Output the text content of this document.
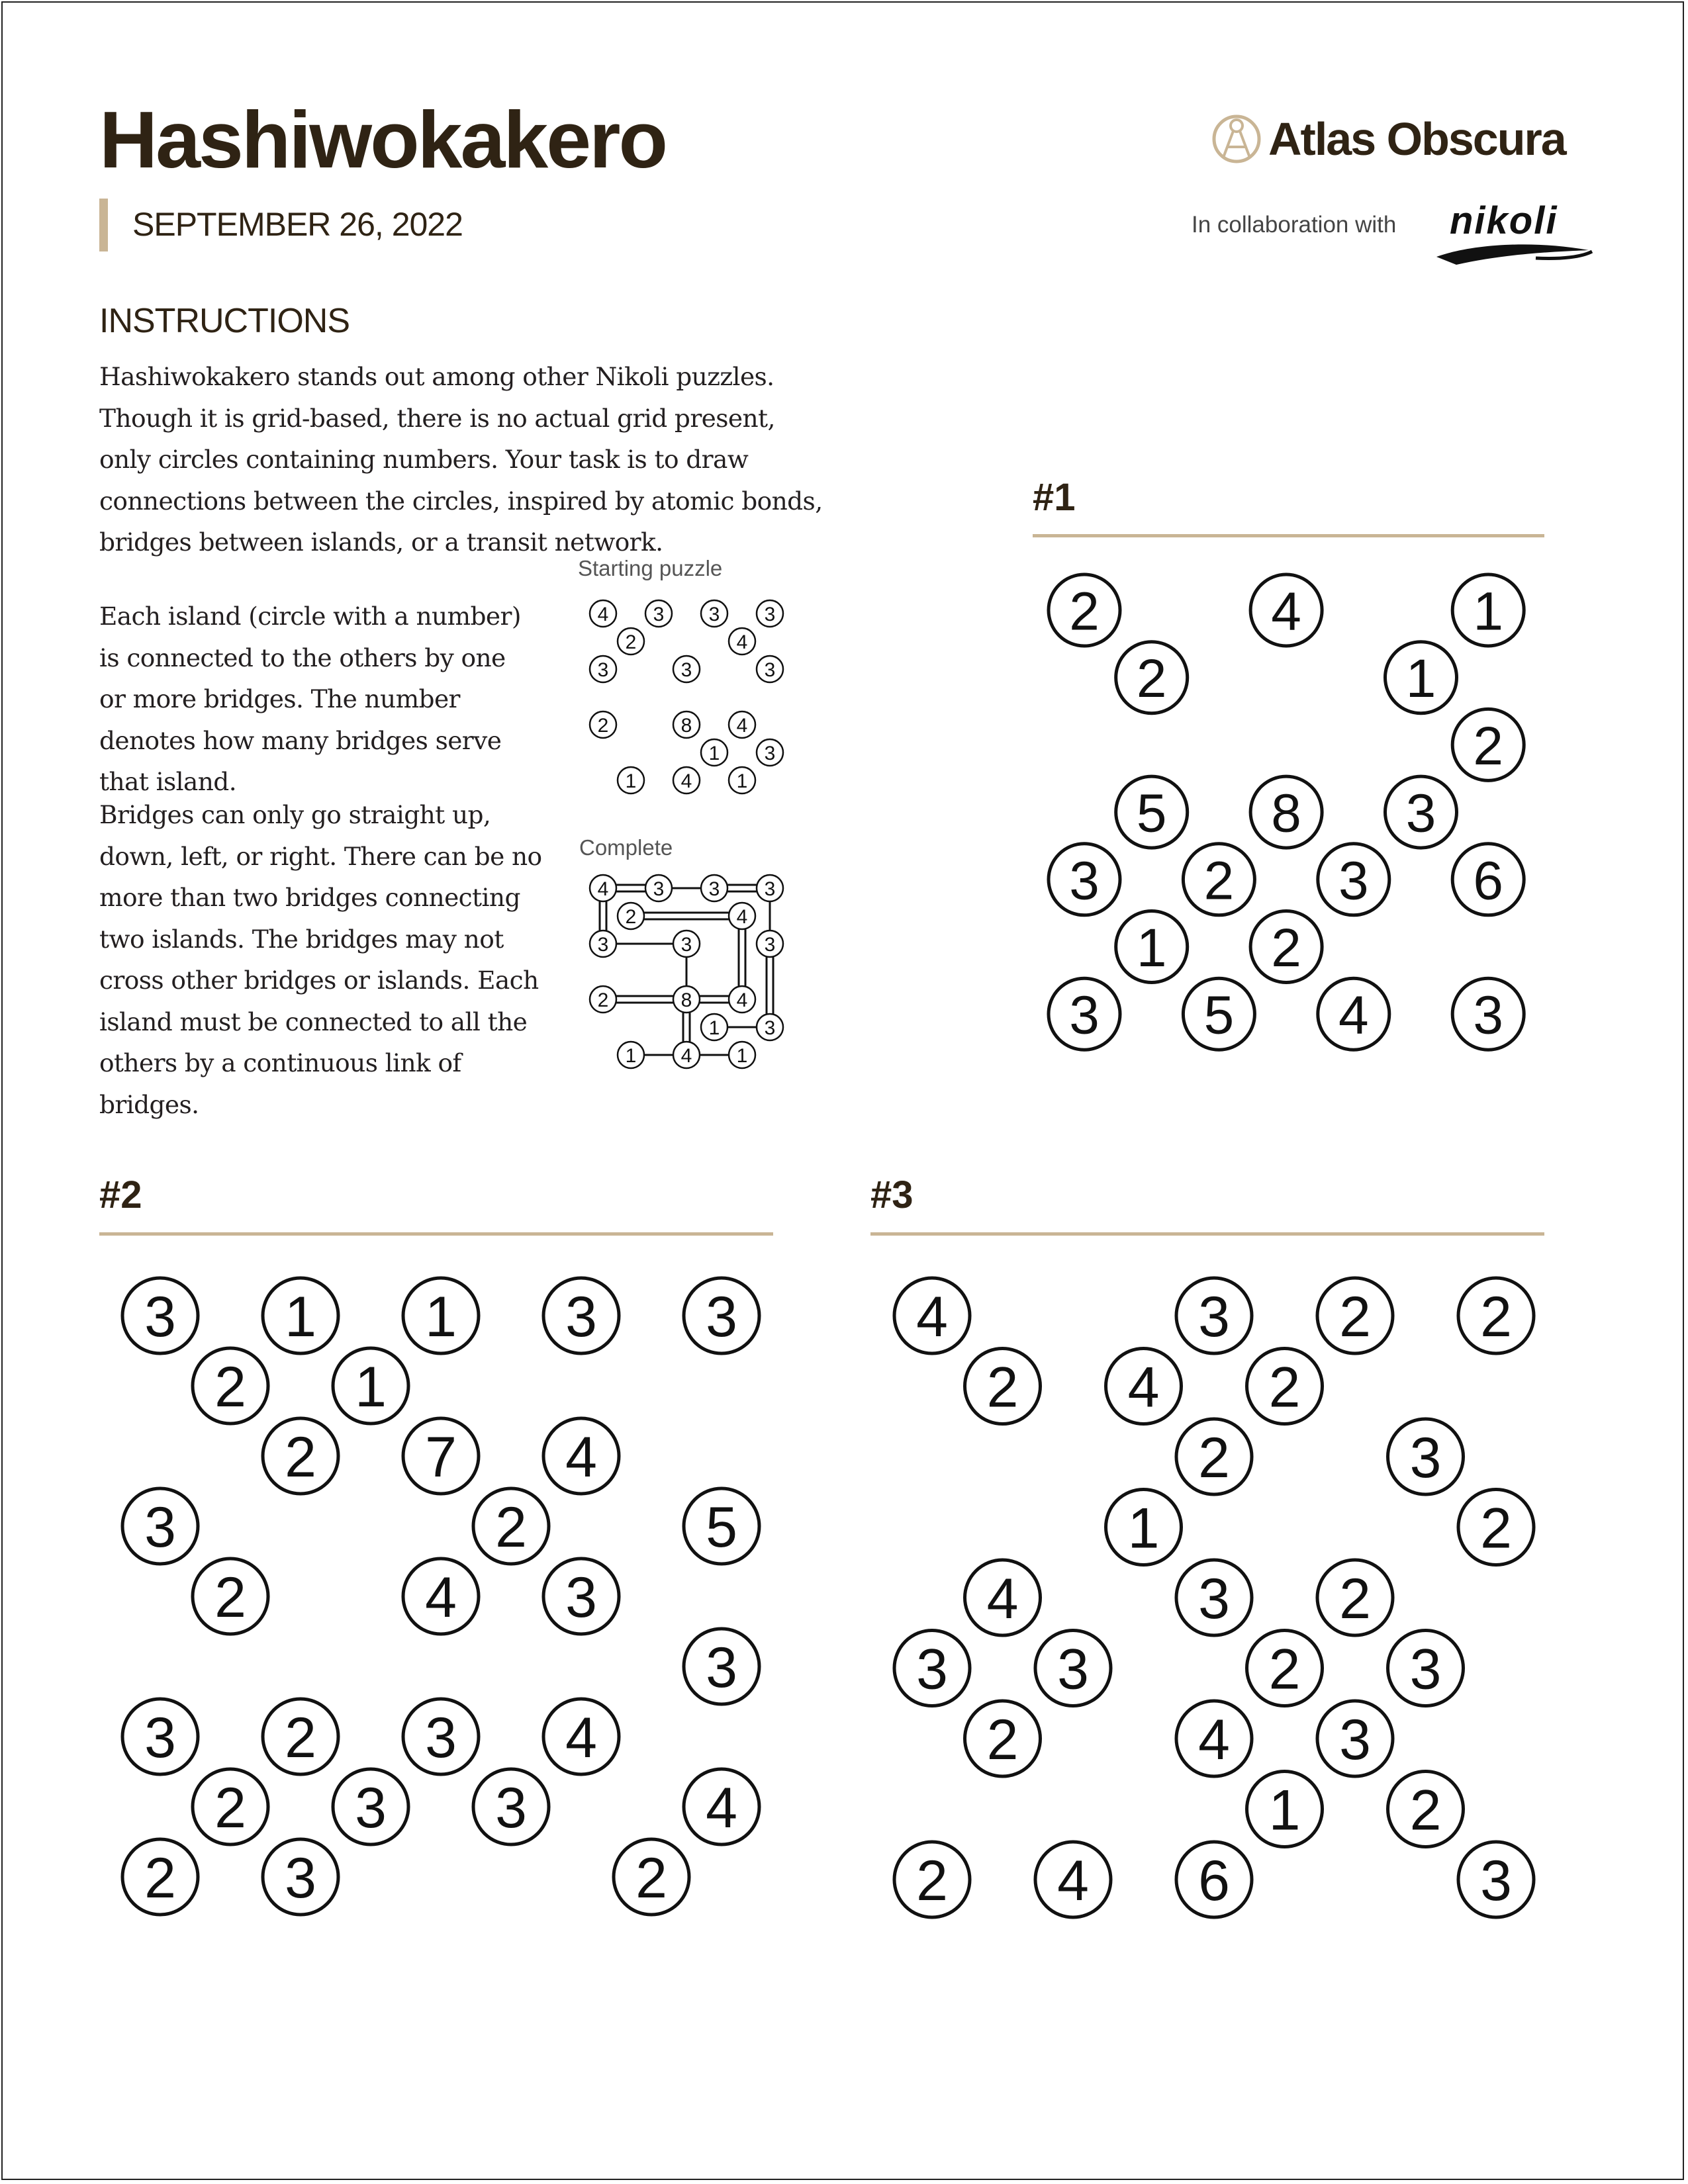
Hashiwokakero
SEPTEMBER 26, 2022
Atlas Obscura
In collaboration with nikoli
INSTRUCTIONS

Hashiwokakero stands out among other Nikoli puzzles. Though it is grid-based, there is no actual grid present, only circles containing numbers. Your task is to draw connections between the circles, inspired by atomic bonds, bridges between islands, or a transit network.

Each island (circle with a number) is connected to the others by one or more bridges. The number denotes how many bridges serve that island.

Bridges can only go straight up, down, left, or right. There can be no more than two bridges connecting two islands. The bridges may not cross other bridges or islands. Each island must be connected to all the others by a continuous link of bridges.

Starting puzzle
Complete
#1
#2	#3
4 3 3 3
2	4
3	3	3
2	8 4
1 3
1 4 1
4 3 3 3
2	4
3	3	3
2	8 4
1 3
1 4 1
2	4	1
2	1
2
5 8 3
3 2 3 6
1 2
3 5 4 3
3 1 1 3 3
2 1
2 7 4
3	2	5
2	4 3
3
3 2 3 4
2 3 3	4
2 3	2
4	3 2 2
2 4 2
2	3
1	2
4	3 2
3 3	2 3
2	4 3
1 2
2 4 6	3
